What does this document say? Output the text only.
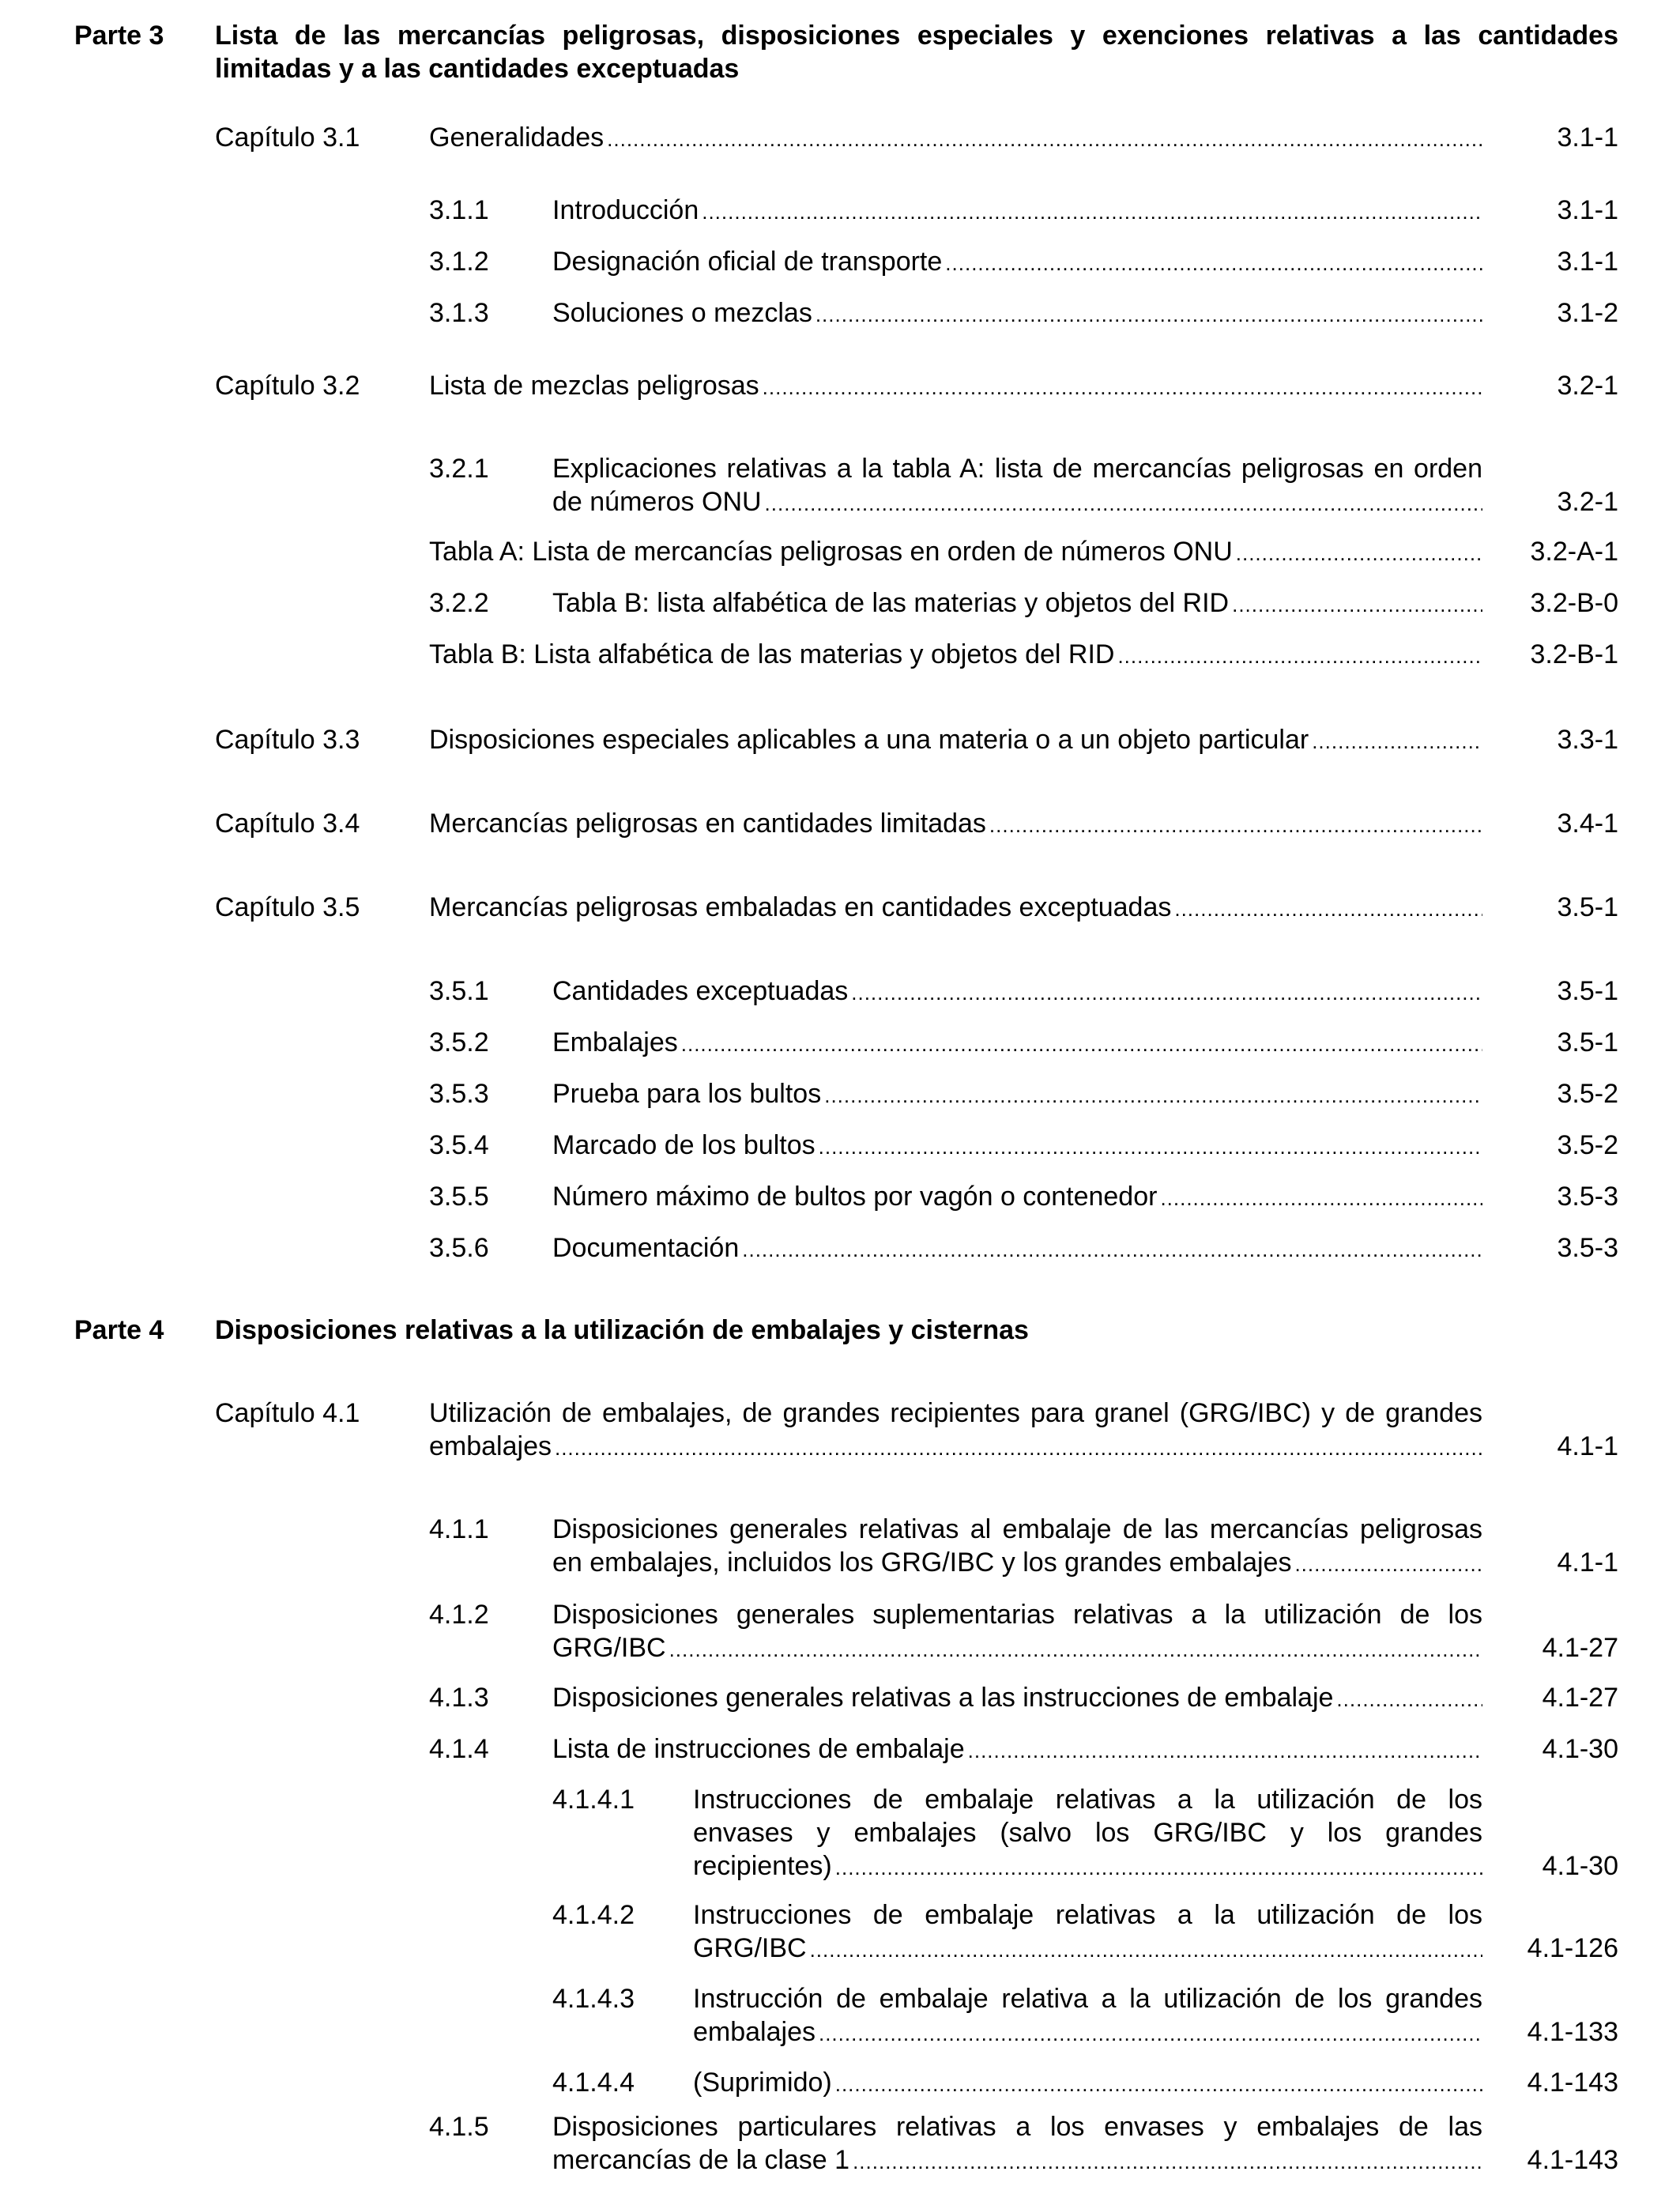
Parte 3 Lista de las mercancías peligrosas, disposiciones especiales y exenciones relativas a las cantidades
limitadas y a las cantidades exceptuadas
Capítulo 3.1	Generalidades .....	3.1-1
3.1.1 Introducción .....	3.1-1
3.1.2 Designación oficial de transporte .....	3.1-1
3.1.3 Soluciones o mezclas .....	3.1-2
Capítulo 3.2	Lista de mezclas peligrosas .....	3.2-1
3.2.1 Explicaciones relativas a la tabla A: lista de mercancías peligrosas en orden
de números ONU .....	3.2-1
Tabla A: Lista de mercancías peligrosas en orden de números ONU .....	3.2-A-1
3.2.2 Tabla B: lista alfabética de las materias y objetos del RID .....	3.2-B-0
Tabla B: Lista alfabética de las materias y objetos del RID .....	3.2-B-1
Capítulo 3.3	Disposiciones especiales aplicables a una materia o a un objeto particular .....	3.3-1
Capítulo 3.4	Mercancías peligrosas en cantidades limitadas .....	3.4-1
Capítulo 3.5	Mercancías peligrosas embaladas en cantidades exceptuadas .....	3.5-1
3.5.1 Cantidades exceptuadas .....	3.5-1
3.5.2 Embalajes .....	3.5-1
3.5.3 Prueba para los bultos .....	3.5-2
3.5.4 Marcado de los bultos .....	3.5-2
3.5.5 Número máximo de bultos por vagón o contenedor .....	3.5-3
3.5.6 Documentación .....	3.5-3
Parte 4 Disposiciones relativas a la utilización de embalajes y cisternas
Capítulo 4.1	Utilización de embalajes, de grandes recipientes para granel (GRG/IBC) y de grandes
embalajes .....	4.1-1
4.1.1 Disposiciones generales relativas al embalaje de las mercancías peligrosas
en embalajes, incluidos los GRG/IBC y los grandes embalajes .....	4.1-1
4.1.2 Disposiciones generales suplementarias relativas a la utilización de los
GRG/IBC .....	4.1-27
4.1.3 Disposiciones generales relativas a las instrucciones de embalaje .....	4.1-27
4.1.4 Lista de instrucciones de embalaje .....	4.1-30
4.1.4.1 Instrucciones de embalaje relativas a la utilización de los
envases y embalajes (salvo los GRG/IBC y los grandes
recipientes) .....	4.1-30
4.1.4.2 Instrucciones de embalaje relativas a la utilización de los
GRG/IBC .....	4.1-126
4.1.4.3 Instrucción de embalaje relativa a la utilización de los grandes
embalajes .....	4.1-133
4.1.4.4 (Suprimido) .....	4.1-143
4.1.5 Disposiciones particulares relativas a los envases y embalajes de las
mercancías de la clase 1 .....	4.1-143
